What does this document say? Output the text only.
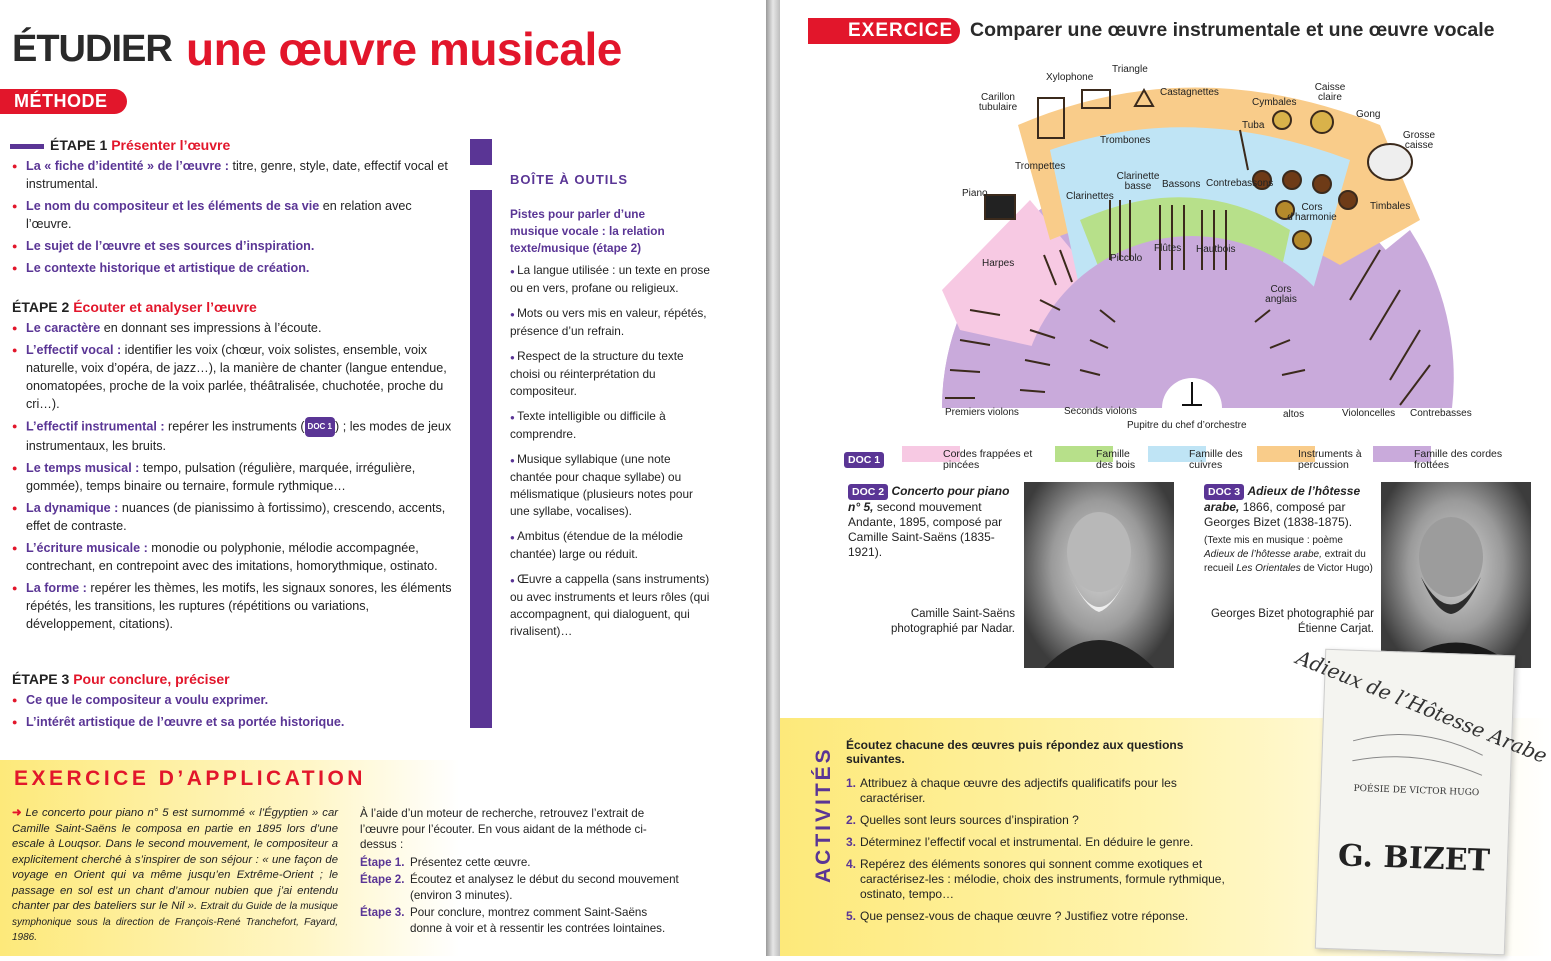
ÉTUDIER une œuvre musicale
MÉTHODE
ÉTAPE 1 Présenter l’œuvre
● La « fiche d’identité » de l’œuvre : titre, genre, style, date, effectif vocal et instrumental.
● Le nom du compositeur et les éléments de sa vie en relation avec l’œuvre.
● Le sujet de l’œuvre et ses sources d’inspiration.
● Le contexte historique et artistique de création.
ÉTAPE 2 Écouter et analyser l’œuvre
● Le caractère en donnant ses impressions à l’écoute.
● L’effectif vocal : identifier les voix (chœur, voix solistes, ensemble, voix naturelle, voix d’opéra, de jazz…), la manière de chanter (langue entendue, onomatopées, proche de la voix parlée, théâtralisée, chuchotée, proche du cri…).
● L’effectif instrumental : repérer les instruments ( DOC 1 ) ; les modes de jeux instrumentaux, les bruits.
● Le temps musical : tempo, pulsation (régulière, marquée, irrégulière, gommée), temps binaire ou ternaire, formule rythmique…
● La dynamique : nuances (de pianissimo à fortissimo), crescendo, accents, effet de contraste.
● L’écriture musicale : monodie ou polyphonie, mélodie accompagnée, contrechant, en contrepoint avec des imitations, homorythmique, ostinato.
● La forme : repérer les thèmes, les motifs, les signaux sonores, les éléments répétés, les transitions, les ruptures (répétitions ou variations, développement, citations).
ÉTAPE 3 Pour conclure, préciser
● Ce que le compositeur a voulu exprimer.
● L’intérêt artistique de l’œuvre et sa portée historique.
BOÎTE À OUTILS
Pistes pour parler d’une musique vocale : la relation texte/musique (étape 2)
● La langue utilisée : un texte en prose ou en vers, profane ou religieux.
● Mots ou vers mis en valeur, répétés, présence d’un refrain.
● Respect de la structure du texte choisi ou réinterprétation du compositeur.
● Texte intelligible ou difficile à comprendre.
● Musique syllabique (une note chantée pour chaque syllabe) ou mélismatique (plusieurs notes pour une syllabe, vocalises).
● Ambitus (étendue de la mélodie chantée) large ou réduit.
● Œuvre a cappella (sans instruments) ou avec instruments et leurs rôles (qui accompagnent, qui dialoguent, qui rivalisent)…
EXERCICE D’APPLICATION
➜ Le concerto pour piano n° 5 est surnommé « l’Égyptien » car Camille Saint-Saëns le composa en partie en 1895 lors d’une escale à Louqsor. Dans le second mouvement, le compositeur a explicitement cherché à s’inspirer de son séjour : « une façon de voyage en Orient qui va même jusqu’en Extrême-Orient ; le passage en sol est un chant d’amour nubien que j’ai entendu chanter par des bateliers sur le Nil ». Extrait du Guide de la musique symphonique sous la direction de François-René Tranchefort, Fayard, 1986.
À l’aide d’un moteur de recherche, retrouvez l’extrait de l’œuvre pour l’écouter. En vous aidant de la méthode ci-dessus :
Étape 1. Présentez cette œuvre.
Étape 2. Écoutez et analysez le début du second mouvement (environ 3 minutes).
Étape 3. Pour conclure, montrez comment Saint-Saëns donne à voir et à ressentir les contrées lointaines.
EXERCICE Comparer une œuvre instrumentale et une œuvre vocale
Carillon tubulaire
Xylophone
Triangle
Castagnettes	Caisse claire
Cymbales
Gong
Grosse caisse
Trompettes
Trombones
Tuba
Piano
Clarinette basse
Clarinettes
Bassons Contrebassons
Timbales
Cors d’harmonie
Harpes
Flûtes Hautbois
Piccolo
Cors anglais
Premiers violons	Seconds violons
Pupitre du chef d’orchestre
altos	Violoncelles Contrebasses
DOC 1	Cordes frappées et pincées
Famille des bois
Famille des cuivres
Instruments à percussion
Famille des cordes frottées
DOC 2 Concerto pour piano n° 5, second mouvement Andante, 1895, composé par Camille Saint-Saëns (1835-1921).
Camille Saint-Saëns photographié par Nadar.
DOC 3 Adieux de l’hôtesse arabe, 1866, composé par Georges Bizet (1838-1875).
(Texte mis en musique : poème Adieux de l’hôtesse arabe, extrait du recueil Les Orientales de Victor Hugo)
Georges Bizet photographié par Étienne Carjat.
ACTIVITÉS
Écoutez chacune des œuvres puis répondez aux questions suivantes.
1. Attribuez à chaque œuvre des adjectifs qualificatifs pour les caractériser.
2. Quelles sont leurs sources d’inspiration ?
3. Déterminez l’effectif vocal et instrumental. En déduire le genre.
4. Repérez des éléments sonores qui sonnent comme exotiques et caractérisez-les : mélodie, choix des instruments, formule rythmique, ostinato, tempo…
5. Que pensez-vous de chaque œuvre ? Justifiez votre réponse.
Adieux de l’Hôtesse Arabe
POÉSIE DE VICTOR HUGO
G. BIZET
